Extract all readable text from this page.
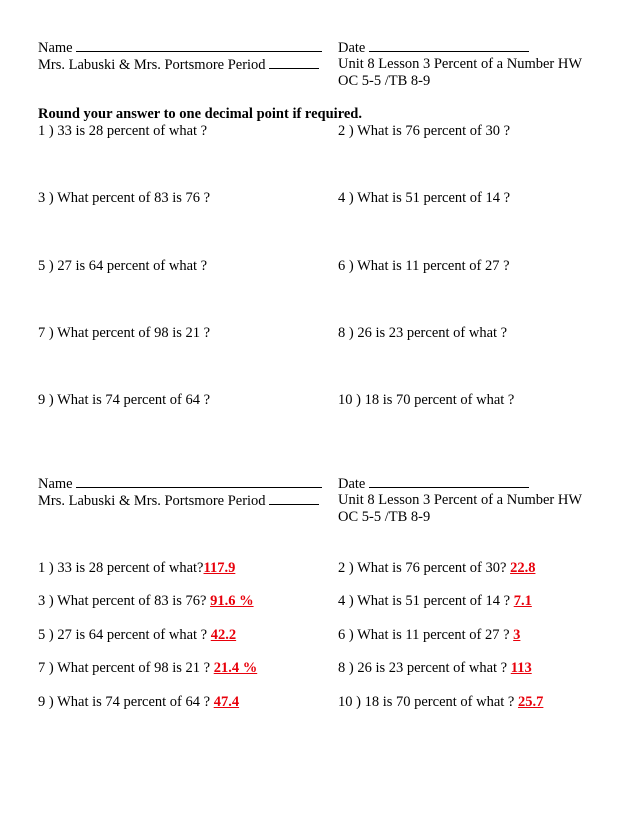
Name	Date
Mrs. Labuski & Mrs. Portsmore Period	Unit 8 Lesson 3 Percent of a Number HW
OC 5-5 /TB 8-9
Round your answer to one decimal point if required.
1 ) 33 is 28 percent of what ?	2 ) What is 76 percent of 30 ?
3 ) What percent of 83 is 76 ?	4 ) What is 51 percent of 14 ?
5 ) 27 is 64 percent of what ?	6 ) What is 11 percent of 27 ?
7 ) What percent of 98 is 21 ?	8 ) 26 is 23 percent of what ?
9 ) What is 74 percent of 64 ?	10 ) 18 is 70 percent of what ?
Name	Date
Mrs. Labuski & Mrs. Portsmore Period	Unit 8 Lesson 3 Percent of a Number HW
OC 5-5 /TB 8-9
1 ) 33 is 28 percent of what?117.9	2 ) What is 76 percent of 30? 22.8
3 ) What percent of 83 is 76? 91.6 %	4 ) What is 51 percent of 14 ? 7.1
5 ) 27 is 64 percent of what ? 42.2	6 ) What is 11 percent of 27 ? 3
7 ) What percent of 98 is 21 ? 21.4 %	8 ) 26 is 23 percent of what ? 113
9 ) What is 74 percent of 64 ? 47.4	10 ) 18 is 70 percent of what ? 25.7
